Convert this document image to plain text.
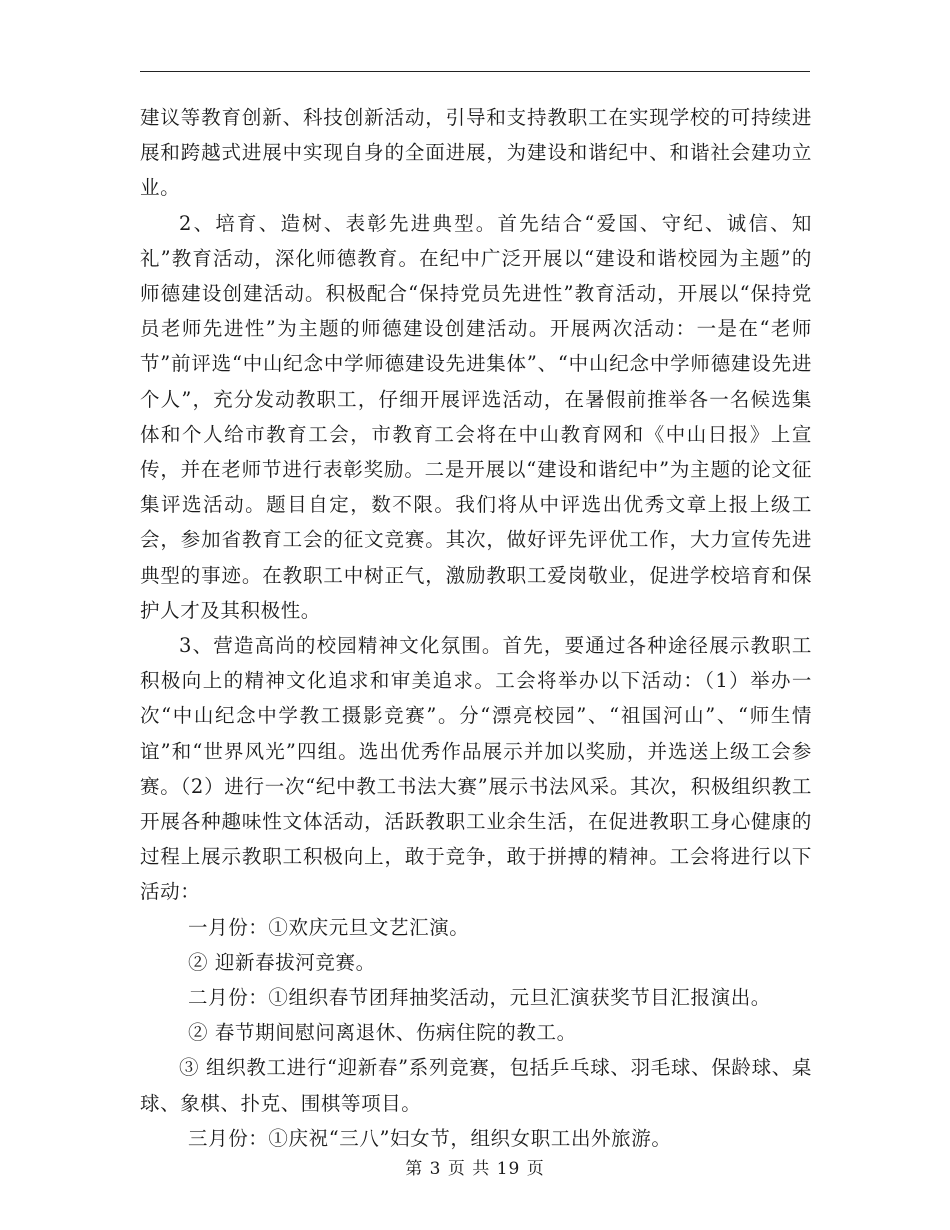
建议等教育创新、科技创新活动，引导和支持教职工在实现学校的可持续进展和跨越式进展中实现自身的全面进展，为建设和谐纪中、和谐社会建功立业。

2、培育、造树、表彰先进典型。首先结合“爱国、守纪、诚信、知礼”教育活动，深化师德教育。在纪中广泛开展以“建设和谐校园为主题”的师德建设创建活动。积极配合“保持党员先进性”教育活动，开展以“保持党员老师先进性”为主题的师德建设创建活动。开展两次活动：一是在“老师节”前评选“中山纪念中学师德建设先进集体”、“中山纪念中学师德建设先进个人”，充分发动教职工，仔细开展评选活动，在暑假前推举各一名候选集体和个人给市教育工会，市教育工会将在中山教育网和《中山日报》上宣传，并在老师节进行表彰奖励。二是开展以“建设和谐纪中”为主题的论文征集评选活动。题目自定，数不限。我们将从中评选出优秀文章上报上级工会，参加省教育工会的征文竞赛。其次，做好评先评优工作，大力宣传先进典型的事迹。在教职工中树正气，激励教职工爱岗敬业，促进学校培育和保护人才及其积极性。

3、营造高尚的校园精神文化氛围。首先，要通过各种途径展示教职工积极向上的精神文化追求和审美追求。工会将举办以下活动：（1）举办一次“中山纪念中学教工摄影竞赛”。分“漂亮校园”、“祖国河山”、“师生情谊”和“世界风光”四组。选出优秀作品展示并加以奖励，并选送上级工会参赛。（2）进行一次“纪中教工书法大赛”展示书法风采。其次，积极组织教工开展各种趣味性文体活动，活跃教职工业余生活，在促进教职工身心健康的过程上展示教职工积极向上，敢于竞争，敢于拼搏的精神。工会将进行以下活动：

一月份：①欢庆元旦文艺汇演。

② 迎新春拔河竞赛。

二月份：①组织春节团拜抽奖活动，元旦汇演获奖节目汇报演出。

② 春节期间慰问离退休、伤病住院的教工。

③ 组织教工进行“迎新春”系列竞赛，包括乒乓球、羽毛球、保龄球、桌球、象棋、扑克、围棋等项目。

三月份：①庆祝“三八”妇女节，组织女职工出外旅游。

第 3 页 共 19 页
